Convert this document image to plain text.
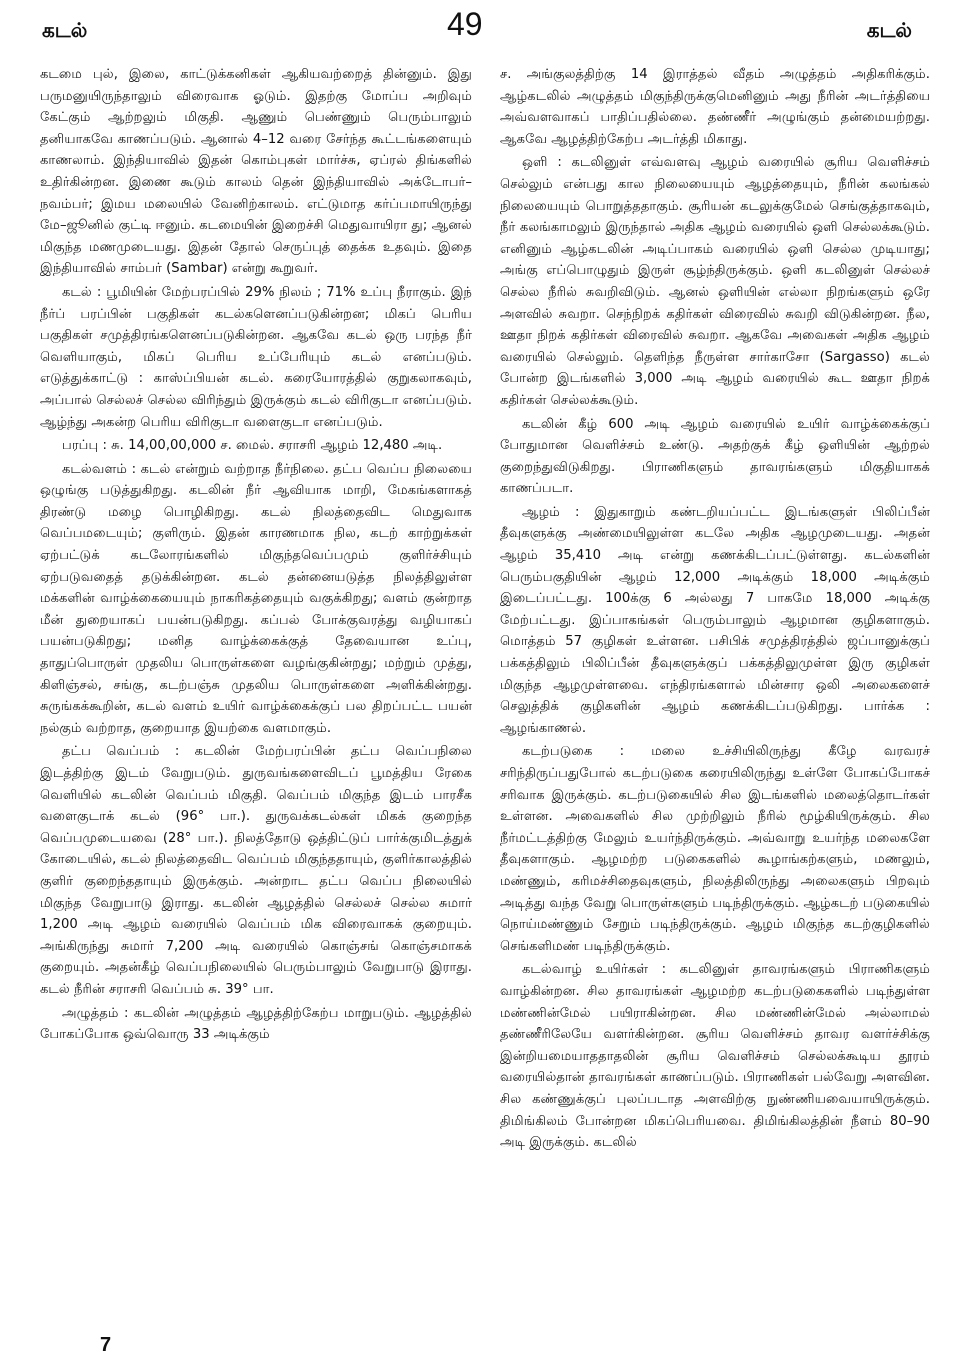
கடல்	49	கடல்

கடமை புல், இலை, காட்டுக்கனிகள் ஆகியவற்றைத் தின்னும். இது பருமனுயிருந்தாலும் விரைவாக ஓடும். இதற்கு மோப்ப அறிவும் கேட்கும் ஆற்றலும் மிகுதி. ஆணும் பெண்ணும் பெரும்பாலும் தனியாகவே காணப்படும். ஆனால் 4–12 வரை சேர்ந்த கூட்டங்களையும் காணலாம். இந்தியாவில் இதன் கொம்புகள் மார்ச்சு, ஏப்ரல் திங்களில் உதிர்கின்றன. இணை கூடும் காலம் தென் இந்தியாவில் அக்டோபர்–நவம்பர்; இமய மலையில் வேனிற்காலம். எட்டுமாத கர்ப்பமாயிருந்து மே–ஜூனில் குட்டி ஈனும். கடமையின் இறைச்சி மெதுவாயிரா து; ஆனல் மிகுந்த மணமுடையது. இதன் தோல் செருப்புத் தைக்க உதவும். இதை இந்தியாவில் சாம்பர் (Sambar) என்று கூறுவர்.

கடல் : பூமியின் மேற்பரப்பில் 29% நிலம் ; 71% உப்பு நீராகும். இந் நீர்ப் பரப்பின் பகுதிகள் கடல்களெனப்படுகின்றன; மிகப் பெரிய பகுதிகள் சமுத்திரங்களெனப்படுகின்றன. ஆகவே கடல் ஒரு பரந்த நீர் வெளியாகும், மிகப் பெரிய உப்பேரியும் கடல் எனப்படும். எடுத்துக்காட்டு : காஸ்ப்பியன் கடல். கரையோரத்தில் குறுகலாகவும், அப்பால் செல்லச் செல்ல விரிந்தும் இருக்கும் கடல் விரிகுடா எனப்படும். ஆழ்ந்து அகன்ற பெரிய விரிகுடா வளைகுடா எனப்படும்.

பரப்பு : சு. 14,00,00,000 ச. மைல். சராசரி ஆழம் 12,480 அடி.

கடல்வளம் : கடல் என்றும் வற்றாத நீர்நிலை. தட்ப வெப்ப நிலையை ஒழுங்கு படுத்துகிறது. கடலின் நீர் ஆவியாக மாறி, மேகங்களாகத் திரண்டு மழை பொழிகிறது. கடல் நிலத்தைவிட மெதுவாக வெப்பமடையும்; குளிரும். இதன் காரணமாக நில, கடற் காற்றுக்கள் ஏற்பட்டுக் கடலோரங்களில் மிகுந்தவெப்பமும் குளிர்ச்சியும் ஏற்படுவதைத் தடுக்கின்றன. கடல் தன்னையடுத்த நிலத்திலுள்ள மக்களின் வாழ்க்கையையும் நாகரிகத்தையும் வகுக்கிறது; வளம் குன்றாத மீன் துறையாகப் பயன்படுகிறது. கப்பல் போக்குவரத்து வழியாகப் பயன்படுகிறது; மனித வாழ்க்கைக்குத் தேவையான உப்பு, தாதுப்பொருள் முதலிய பொருள்களை வழங்குகின்றது; மற்றும் முத்து, கிளிஞ்சல், சங்கு, கடற்பஞ்சு முதலிய பொருள்களை அளிக்கின்றது. சுருங்கக்கூறின், கடல் வளம் உயிர் வாழ்க்கைக்குப் பல திறப்பட்ட பயன் நல்கும் வற்றாத, குறையாத இயற்கை வளமாகும்.

தட்ப வெப்பம் : கடலின் மேற்பரப்பின் தட்ப வெப்பநிலை இடத்திற்கு இடம் வேறுபடும். துருவங்களைவிடப் பூமத்திய ரேகை வெளியில் கடலின் வெப்பம் மிகுதி. வெப்பம் மிகுந்த இடம் பாரசீக வளைகுடாக் கடல் (96° பா.). துருவக்கடல்கள் மிகக் குறைந்த வெப்பமுடையவை (28° பா.). நிலத்தோடு ஒத்திட்டுப் பார்க்குமிடத்துக் கோடையில், கடல் நிலத்தைவிட வெப்பம் மிகுந்ததாயும், குளிர்காலத்தில் குளிர் குறைந்ததாயும் இருக்கும். அன்றாட தட்ப வெப்ப நிலையில் மிகுந்த வேறுபாடு இராது. கடலின் ஆழத்தில் செல்லச் செல்ல சுமார் 1,200 அடி ஆழம் வரையில் வெப்பம் மிக விரைவாகக் குறையும். அங்கிருந்து சுமார் 7,200 அடி வரையில் கொஞ்சங் கொஞ்சமாகக் குறையும். அதன்கீழ் வெப்பநிலையில் பெரும்பாலும் வேறுபாடு இராது. கடல் நீரின் சராசரி வெப்பம் சு. 39° பா.

அழுத்தம் : கடலின் அழுத்தம் ஆழத்திற்கேற்ப மாறுபடும். ஆழத்தில் போகப்போக ஒவ்வொரு 33 அடிக்கும்

ச. அங்குலத்திற்கு 14 இராத்தல் வீதம் அழுத்தம் அதிகரிக்கும். ஆழ்கடலில் அழுத்தம் மிகுந்திருக்குமெனினும் அது நீரின் அடர்த்தியை அவ்வளவாகப் பாதிப்பதில்லை. தண்ணீர் அழுங்கும் தன்மையற்றது. ஆகவே ஆழத்திற்கேற்ப அடர்த்தி மிகாது.

ஒளி : கடலினுள் எவ்வளவு ஆழம் வரையில் சூரிய வெளிச்சம் செல்லும் என்பது கால நிலையையும் ஆழத்தையும், நீரின் கலங்கல் நிலையையும் பொறுத்ததாகும். சூரியன் கடலுக்குமேல் செங்குத்தாகவும், நீர் கலங்காமலும் இருந்தால் அதிக ஆழம் வரையில் ஒளி செல்லக்கூடும். எனினும் ஆழ்கடலின் அடிப்பாகம் வரையில் ஒளி செல்ல முடியாது; அங்கு எப்பொழுதும் இருள் சூழ்ந்திருக்கும். ஒளி கடலினுள் செல்லச் செல்ல நீரில் சுவறிவிடும். ஆனல் ஒளியின் எல்லா நிறங்களும் ஒரே அளவில் சுவறா. செந்நிறக் கதிர்கள் விரைவில் சுவறி விடுகின்றன. நீல, ஊதா நிறக் கதிர்கள் விரைவில் சுவறா. ஆகவே அவைகள் அதிக ஆழம் வரையில் செல்லும். தெளிந்த நீருள்ள சார்காசோ (Sargasso) கடல் போன்ற இடங்களில் 3,000 அடி ஆழம் வரையில் கூட ஊதா நிறக் கதிர்கள் செல்லக்கூடும்.

கடலின் கீழ் 600 அடி ஆழம் வரையில் உயிர் வாழ்க்கைக்குப் போதுமான வெளிச்சம் உண்டு. அதற்குக் கீழ் ஒளியின் ஆற்றல் குறைந்துவிடுகிறது. பிராணிகளும் தாவரங்களும் மிகுதியாகக் காணப்படா.

ஆழம் : இதுகாறும் கண்டறியப்பட்ட இடங்களுள் பிலிப்பீன் தீவுகளுக்கு அண்மையிலுள்ள கடலே அதிக ஆழமுடையது. அதன் ஆழம் 35,410 அடி என்று கணக்கிடப்பட்டுள்ளது. கடல்களின் பெரும்பகுதியின் ஆழம் 12,000 அடிக்கும் 18,000 அடிக்கும் இடைப்பட்டது. 100க்கு 6 அல்லது 7 பாகமே 18,000 அடிக்கு மேற்பட்டது. இப்பாகங்கள் பெரும்பாலும் ஆழமான குழிகளாகும். மொத்தம் 57 குழிகள் உள்ளன. பசிபிக் சமுத்திரத்தில் ஜப்பானுக்குப் பக்கத்திலும் பிலிப்பீன் தீவுகளுக்குப் பக்கத்திலுமுள்ள இரு குழிகள் மிகுந்த ஆழமுள்ளவை. எந்திரங்களால் மின்சார ஒலி அலைகளைச் செலுத்திக் குழிகளின் ஆழம் கணக்கிடப்படுகிறது. பார்க்க : ஆழங்காணல்.

கடற்படுகை : மலை உச்சியிலிருந்து கீழே வரவரச் சரிந்திருப்பதுபோல் கடற்படுகை கரையிலிருந்து உள்ளே போகப்போகச் சரிவாக இருக்கும். கடற்படுகையில் சில இடங்களில் மலைத்தொடர்கள் உள்ளன. அவைகளில் சில முற்றிலும் நீரில் மூழ்கியிருக்கும். சில நீர்மட்டத்திற்கு மேலும் உயர்ந்திருக்கும். அவ்வாறு உயர்ந்த மலைகளே தீவுகளாகும். ஆழமற்ற படுகைகளில் கூழாங்கற்களும், மணலும், மண்ணும், கரிமச்சிதைவுகளும், நிலத்திலிருந்து அலைகளும் பிறவும் அடித்து வந்த வேறு பொருள்களும் படிந்திருக்கும். ஆழ்கடற் படுகையில் நொய்மண்ணும் சேறும் படிந்திருக்கும். ஆழம் மிகுந்த கடற்குழிகளில் செங்களிமண் படிந்திருக்கும்.

கடல்வாழ் உயிர்கள் : கடலினுள் தாவரங்களும் பிராணிகளும் வாழ்கின்றன. சில தாவரங்கள் ஆழமற்ற கடற்படுகைகளில் படிந்துள்ள மண்ணின்மேல் பயிராகின்றன. சில மண்ணின்மேல் அல்லாமல் தண்ணீரிலேயே வளர்கின்றன. சூரிய வெளிச்சம் தாவர வளர்ச்சிக்கு இன்றியமையாததாதலின் சூரிய வெளிச்சம் செல்லக்கூடிய தூரம் வரையில்தான் தாவரங்கள் காணப்படும். பிராணிகள் பல்வேறு அளவின. சில கண்ணுக்குப் புலப்படாத அளவிற்கு நுண்ணியவையாயிருக்கும். திமிங்கிலம் போன்றன மிகப்பெரியவை. திமிங்கிலத்தின் நீளம் 80–90 அடி இருக்கும். கடலில்

7
